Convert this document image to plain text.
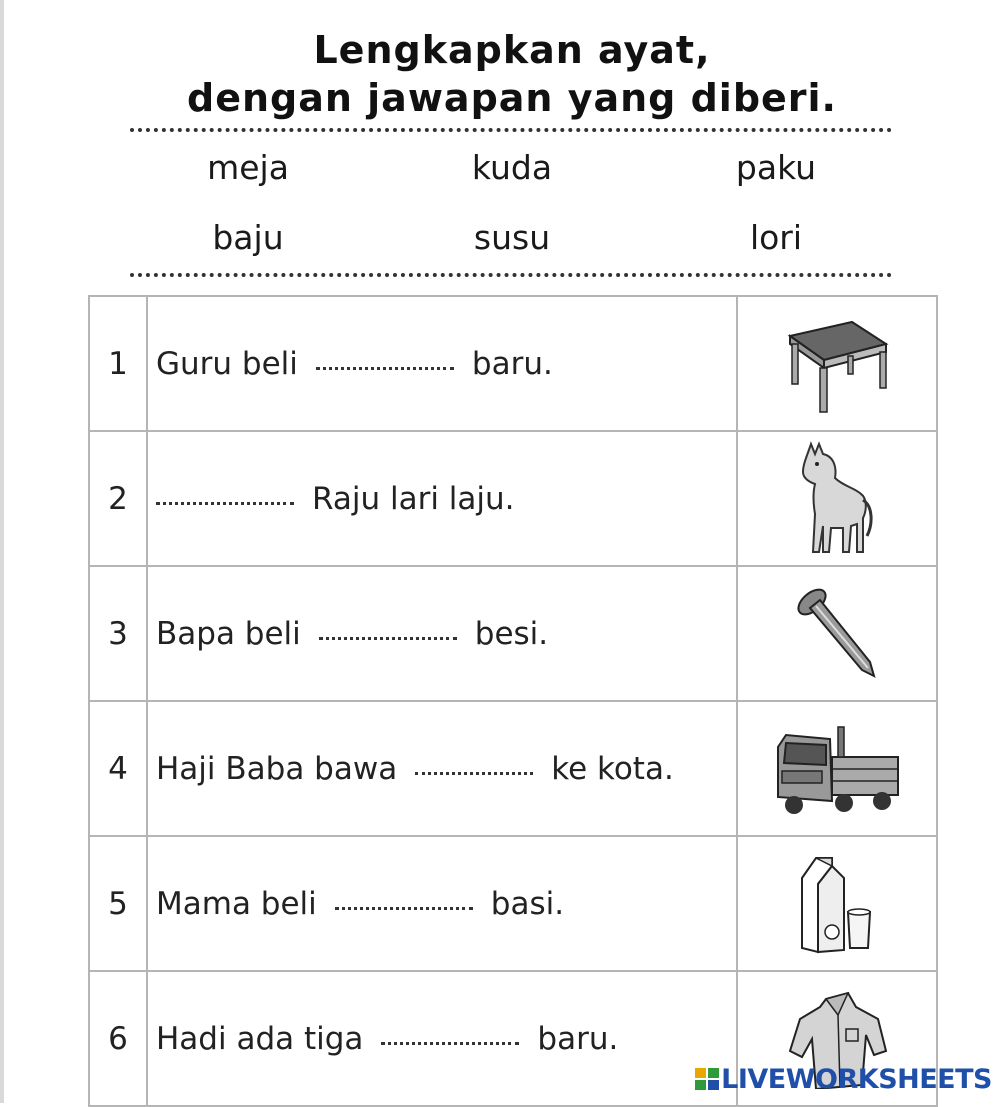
Lengkapkan ayat,
dengan jawapan yang diberi.
meja	kuda	paku
baju	susu	lori
1	Guru beli baru.	

2	Raju lari laju.	

3	Bapa beli besi.	

4	Haji Baba bawa ke kota.	

5	Mama beli basi.	

6	Hadi ada tiga baru.	
LIVEWORKSHEETS
